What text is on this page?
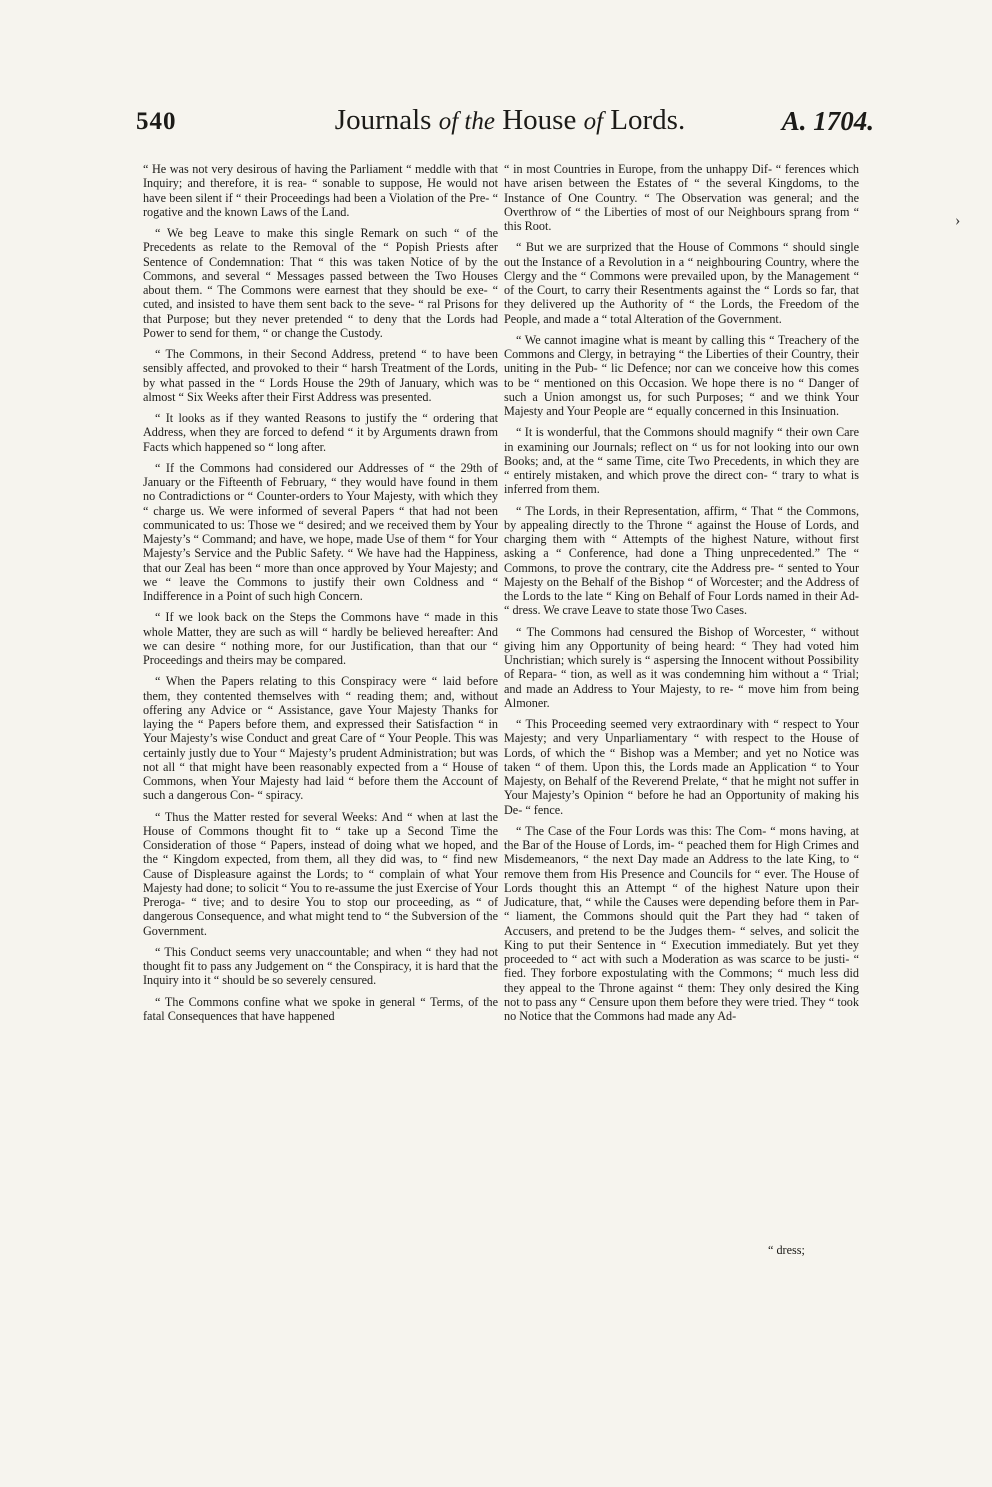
540	Journals of the House of Lords.	A. 1704.

“ He was not very desirous of having the Parliament “ meddle with that Inquiry; and therefore, it is rea- “ sonable to suppose, He would not have been silent if “ their Proceedings had been a Violation of the Pre- “ rogative and the known Laws of the Land.

“ We beg Leave to make this single Remark on such “ of the Precedents as relate to the Removal of the “ Popish Priests after Sentence of Condemnation: That “ this was taken Notice of by the Commons, and several “ Messages passed between the Two Houses about them. “ The Commons were earnest that they should be exe- “ cuted, and insisted to have them sent back to the seve- “ ral Prisons for that Purpose; but they never pretended “ to deny that the Lords had Power to send for them, “ or change the Custody.

“ The Commons, in their Second Address, pretend “ to have been sensibly affected, and provoked to their “ harsh Treatment of the Lords, by what passed in the “ Lords House the 29th of January, which was almost “ Six Weeks after their First Address was presented.

“ It looks as if they wanted Reasons to justify the “ ordering that Address, when they are forced to defend “ it by Arguments drawn from Facts which happened so “ long after.

“ If the Commons had considered our Addresses of “ the 29th of January or the Fifteenth of February, “ they would have found in them no Contradictions or “ Counter-orders to Your Majesty, with which they “ charge us. We were informed of several Papers “ that had not been communicated to us: Those we “ desired; and we received them by Your Majesty’s “ Command; and have, we hope, made Use of them “ for Your Majesty’s Service and the Public Safety. “ We have had the Happiness, that our Zeal has been “ more than once approved by Your Majesty; and we “ leave the Commons to justify their own Coldness and “ Indifference in a Point of such high Concern.

“ If we look back on the Steps the Commons have “ made in this whole Matter, they are such as will “ hardly be believed hereafter: And we can desire “ nothing more, for our Justification, than that our “ Proceedings and theirs may be compared.

“ When the Papers relating to this Conspiracy were “ laid before them, they contented themselves with “ reading them; and, without offering any Advice or “ Assistance, gave Your Majesty Thanks for laying the “ Papers before them, and expressed their Satisfaction “ in Your Majesty’s wise Conduct and great Care of “ Your People. This was certainly justly due to Your “ Majesty’s prudent Administration; but was not all “ that might have been reasonably expected from a “ House of Commons, when Your Majesty had laid “ before them the Account of such a dangerous Con- “ spiracy.

“ Thus the Matter rested for several Weeks: And “ when at last the House of Commons thought fit to “ take up a Second Time the Consideration of those “ Papers, instead of doing what we hoped, and the “ Kingdom expected, from them, all they did was, to “ find new Cause of Displeasure against the Lords; to “ complain of what Your Majesty had done; to solicit “ You to re-assume the just Exercise of Your Preroga- “ tive; and to desire You to stop our proceeding, as “ of dangerous Consequence, and what might tend to “ the Subversion of the Government.

“ This Conduct seems very unaccountable; and when “ they had not thought fit to pass any Judgement on “ the Conspiracy, it is hard that the Inquiry into it “ should be so severely censured.

“ The Commons confine what we spoke in general “ Terms, of the fatal Consequences that have happened

“ in most Countries in Europe, from the unhappy Dif- “ ferences which have arisen between the Estates of “ the several Kingdoms, to the Instance of One Country. “ The Observation was general; and the Overthrow of “ the Liberties of most of our Neighbours sprang from “ this Root.

“ But we are surprized that the House of Commons “ should single out the Instance of a Revolution in a “ neighbouring Country, where the Clergy and the “ Commons were prevailed upon, by the Management “ of the Court, to carry their Resentments against the “ Lords so far, that they delivered up the Authority of “ the Lords, the Freedom of the People, and made a “ total Alteration of the Government.

“ We cannot imagine what is meant by calling this “ Treachery of the Commons and Clergy, in betraying “ the Liberties of their Country, their uniting in the Pub- “ lic Defence; nor can we conceive how this comes to be “ mentioned on this Occasion. We hope there is no “ Danger of such a Union amongst us, for such Purposes; “ and we think Your Majesty and Your People are “ equally concerned in this Insinuation.

“ It is wonderful, that the Commons should magnify “ their own Care in examining our Journals; reflect on “ us for not looking into our own Books; and, at the “ same Time, cite Two Precedents, in which they are “ entirely mistaken, and which prove the direct con- “ trary to what is inferred from them.

“ The Lords, in their Representation, affirm, “ That “ the Commons, by appealing directly to the Throne “ against the House of Lords, and charging them with “ Attempts of the highest Nature, without first asking a “ Conference, had done a Thing unprecedented.” The “ Commons, to prove the contrary, cite the Address pre- “ sented to Your Majesty on the Behalf of the Bishop “ of Worcester; and the Address of the Lords to the late “ King on Behalf of Four Lords named in their Ad- “ dress. We crave Leave to state those Two Cases.

“ The Commons had censured the Bishop of Worcester, “ without giving him any Opportunity of being heard: “ They had voted him Unchristian; which surely is “ aspersing the Innocent without Possibility of Repara- “ tion, as well as it was condemning him without a “ Trial; and made an Address to Your Majesty, to re- “ move him from being Almoner.

“ This Proceeding seemed very extraordinary with “ respect to Your Majesty; and very Unparliamentary “ with respect to the House of Lords, of which the “ Bishop was a Member; and yet no Notice was taken “ of them. Upon this, the Lords made an Application “ to Your Majesty, on Behalf of the Reverend Prelate, “ that he might not suffer in Your Majesty’s Opinion “ before he had an Opportunity of making his De- “ fence.

“ The Case of the Four Lords was this: The Com- “ mons having, at the Bar of the House of Lords, im- “ peached them for High Crimes and Misdemeanors, “ the next Day made an Address to the late King, to “ remove them from His Presence and Councils for “ ever. The House of Lords thought this an Attempt “ of the highest Nature upon their Judicature, that, “ while the Causes were depending before them in Par- “ liament, the Commons should quit the Part they had “ taken of Accusers, and pretend to be the Judges them- “ selves, and solicit the King to put their Sentence in “ Execution immediately. But yet they proceeded to “ act with such a Moderation as was scarce to be justi- “ fied. They forbore expostulating with the Commons; “ much less did they appeal to the Throne against “ them: They only desired the King not to pass any “ Censure upon them before they were tried. They “ took no Notice that the Commons had made any Ad-

“ dress;
›
